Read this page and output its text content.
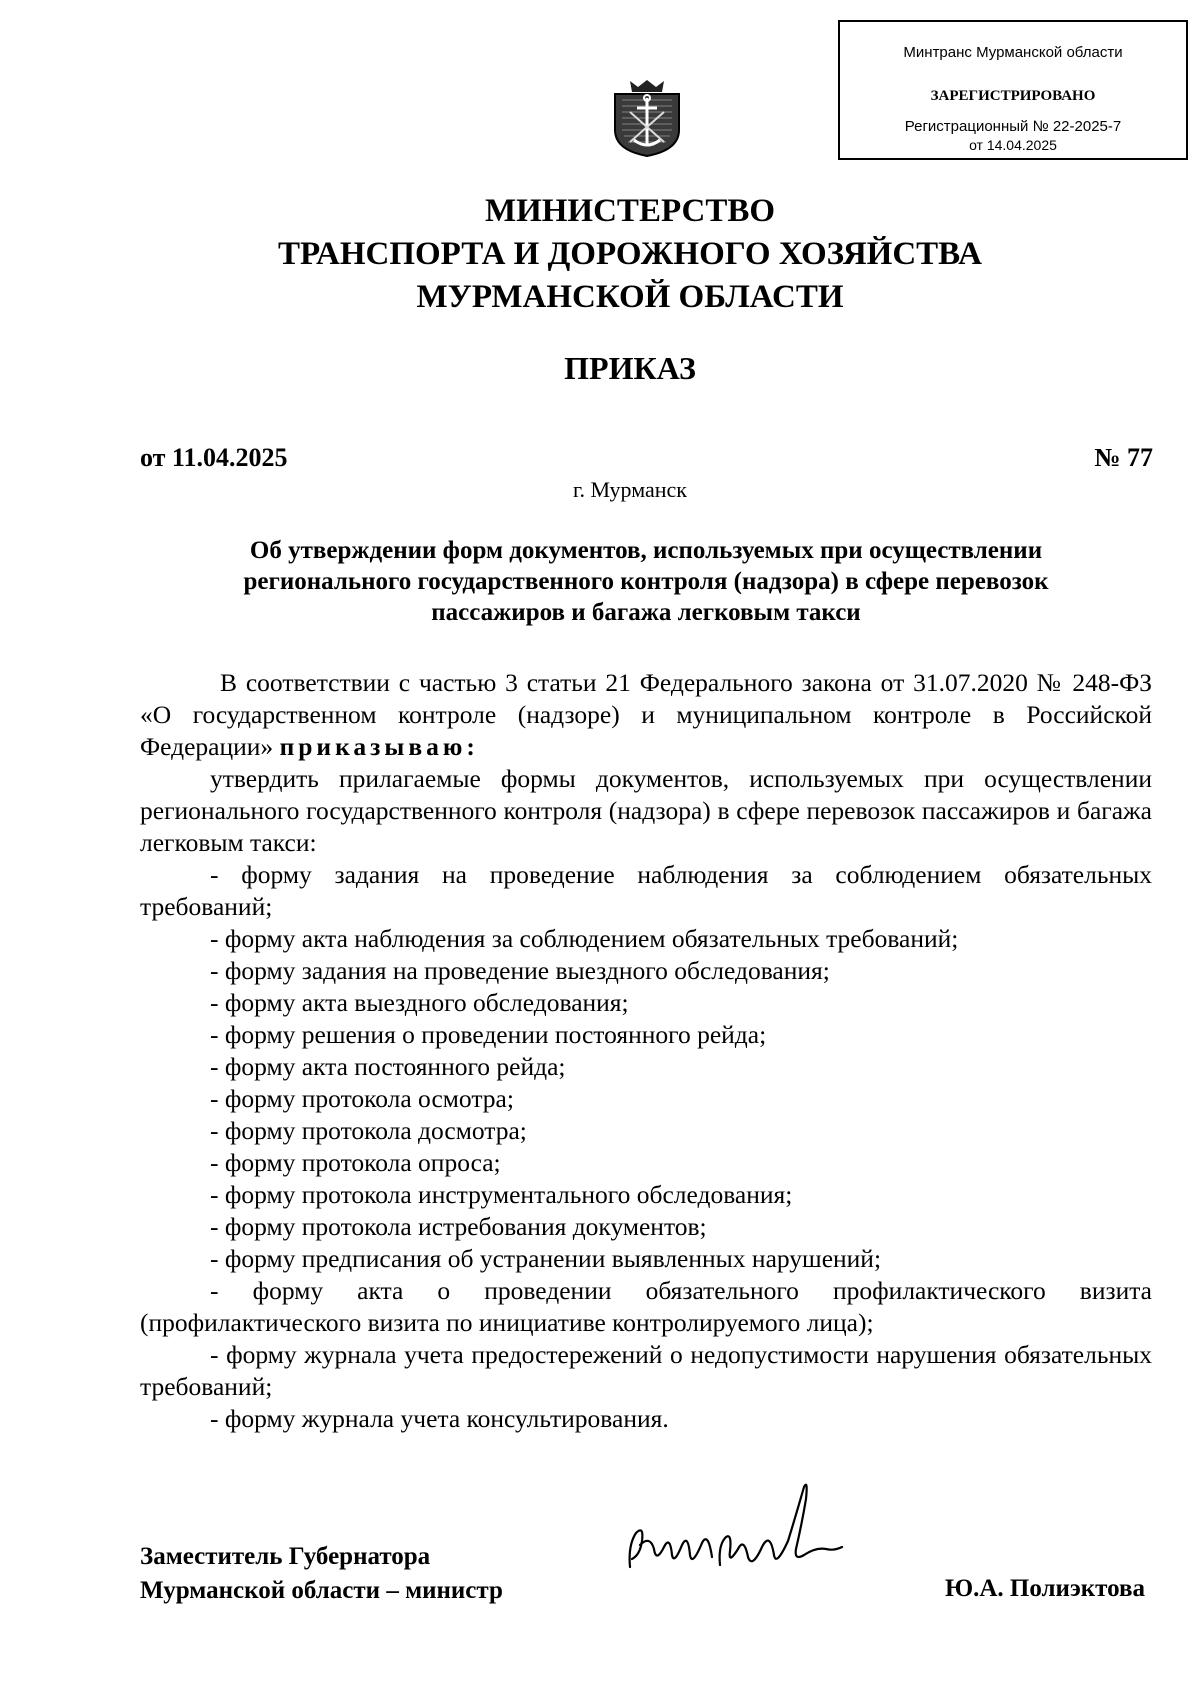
Минтранс Мурманской области
ЗАРЕГИСТРИРОВАНО
Регистрационный № 22-2025-7
от 14.04.2025
МИНИСТЕРСТВО
ТРАНСПОРТА И ДОРОЖНОГО ХОЗЯЙСТВА
МУРМАНСКОЙ ОБЛАСТИ
ПРИКАЗ
от 11.04.2025	№ 77
г. Мурманск
Об утверждении форм документов, используемых при осуществлении
регионального государственного контроля (надзора) в сфере перевозок
пассажиров и багажа легковым такси

В соответствии с частью 3 статьи 21 Федерального закона от 31.07.2020 № 248-ФЗ «О государственном контроле (надзоре) и муниципальном контроле в Российской Федерации» приказываю:

утвердить прилагаемые формы документов, используемых при осуществлении регионального государственного контроля (надзора) в сфере перевозок пассажиров и багажа легковым такси:

- форму задания на проведение наблюдения за соблюдением обязательных требований;

- форму акта наблюдения за соблюдением обязательных требований;

- форму задания на проведение выездного обследования;

- форму акта выездного обследования;

- форму решения о проведении постоянного рейда;

- форму акта постоянного рейда;

- форму протокола осмотра;

- форму протокола досмотра;

- форму протокола опроса;

- форму протокола инструментального обследования;

- форму протокола истребования документов;

- форму предписания об устранении выявленных нарушений;

- форму акта о проведении обязательного профилактического визита (профилактического визита по инициативе контролируемого лица);

- форму журнала учета предостережений о недопустимости нарушения обязательных требований;

- форму журнала учета консультирования.

Заместитель Губернатора
Мурманской области – министр	Ю.А. Полиэктова
